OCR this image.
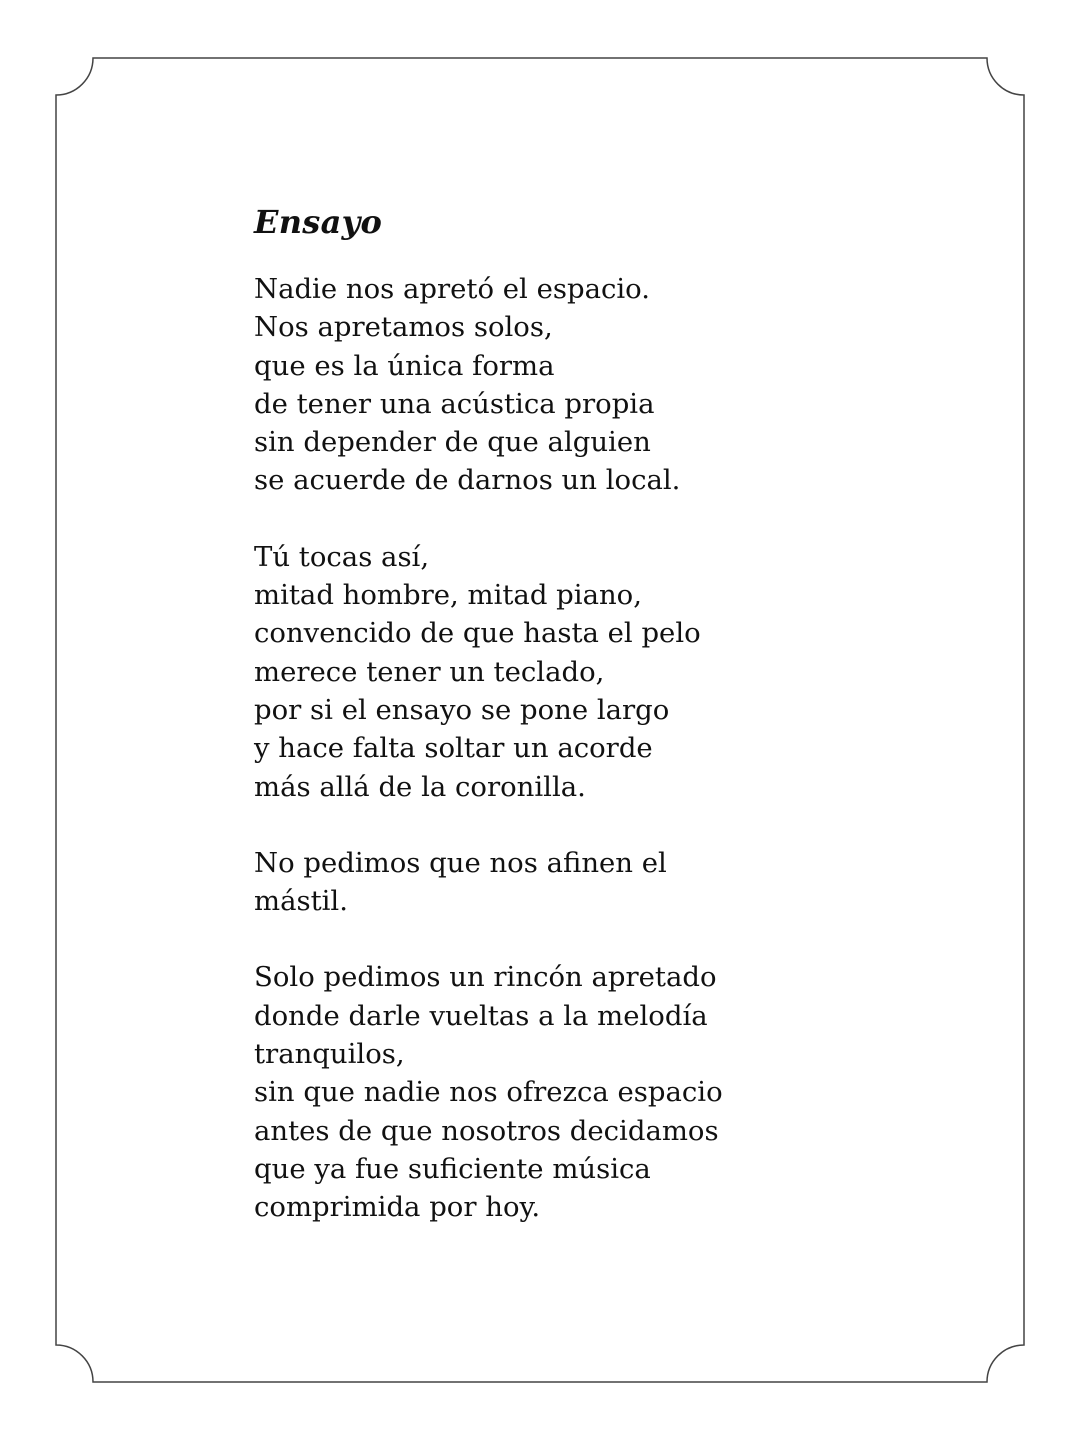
Ensayo
Nadie nos apretó el espacio.
Nos apretamos solos,
que es la única forma
de tener una acústica propia
sin depender de que alguien
se acuerde de darnos un local.
Tú tocas así,
mitad hombre, mitad piano,
convencido de que hasta el pelo
merece tener un teclado,
por si el ensayo se pone largo
y hace falta soltar un acorde
más allá de la coronilla.
No pedimos que nos afinen el
mástil.
Solo pedimos un rincón apretado
donde darle vueltas a la melodía
tranquilos,
sin que nadie nos ofrezca espacio
antes de que nosotros decidamos
que ya fue suficiente música
comprimida por hoy.
